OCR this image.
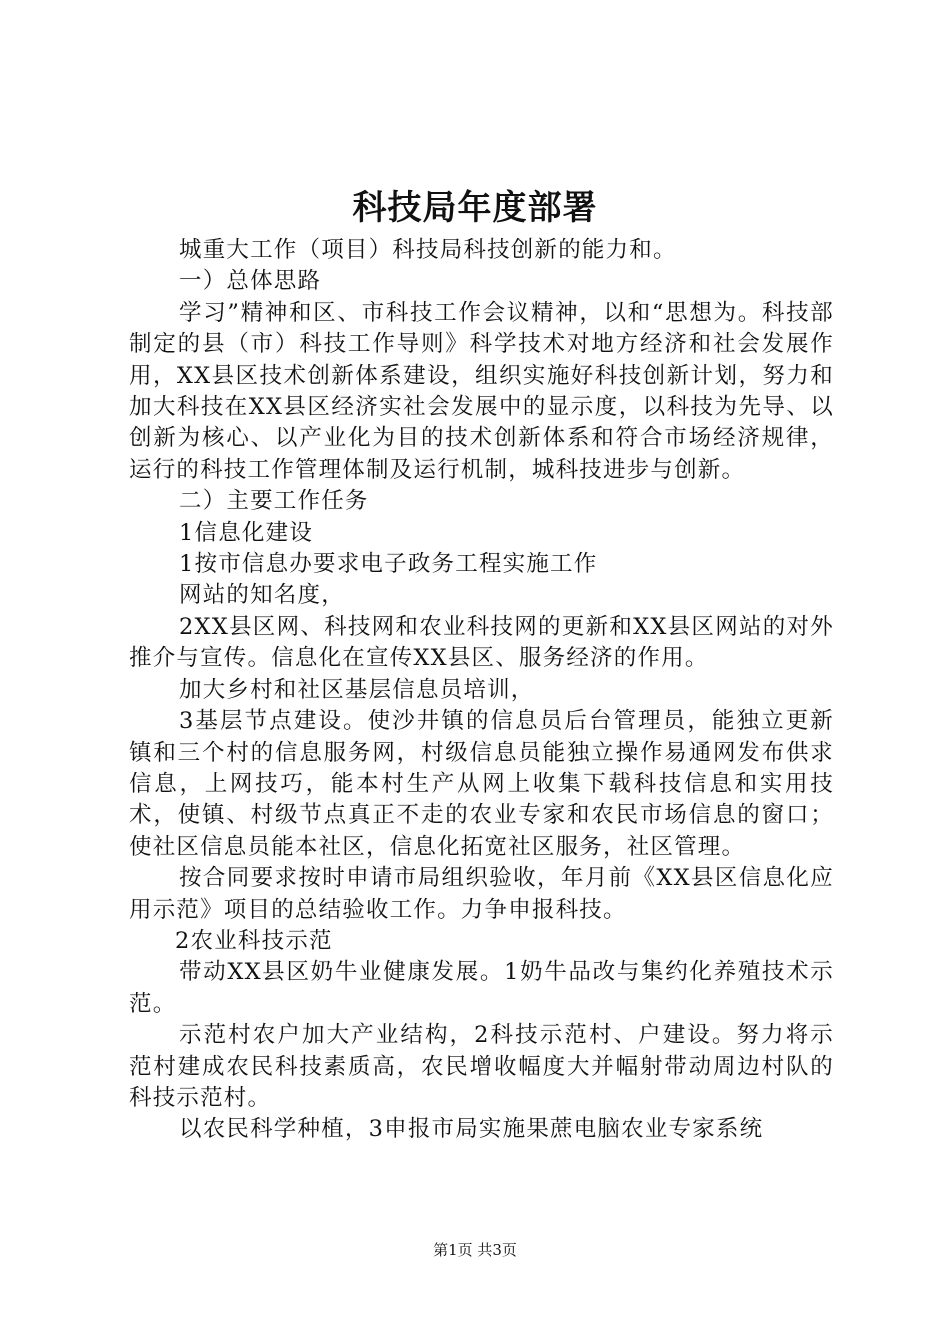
科技局年度部署

城重大工作（项目）科技局科技创新的能力和。

一）总体思路

学习”精神和区、市科技工作会议精神，以和“思想为。科技部制定的县（市）科技工作导则》科学技术对地方经济和社会发展作用，XX县区技术创新体系建设，组织实施好科技创新计划，努力和加大科技在XX县区经济实社会发展中的显示度，以科技为先导、以创新为核心、以产业化为目的技术创新体系和符合市场经济规律，运行的科技工作管理体制及运行机制，城科技进步与创新。

二）主要工作任务

1信息化建设

1按市信息办要求电子政务工程实施工作

网站的知名度，

2XX县区网、科技网和农业科技网的更新和XX县区网站的对外推介与宣传。信息化在宣传XX县区、服务经济的作用。

加大乡村和社区基层信息员培训，

3基层节点建设。使沙井镇的信息员后台管理员，能独立更新镇和三个村的信息服务网，村级信息员能独立操作易通网发布供求信息，上网技巧，能本村生产从网上收集下载科技信息和实用技术，使镇、村级节点真正不走的农业专家和农民市场信息的窗口；使社区信息员能本社区，信息化拓宽社区服务，社区管理。

按合同要求按时申请市局组织验收，年月前《XX县区信息化应用示范》项目的总结验收工作。力争申报科技。

2农业科技示范

带动XX县区奶牛业健康发展。1奶牛品改与集约化养殖技术示范。

示范村农户加大产业结构，2科技示范村、户建设。努力将示范村建成农民科技素质高，农民增收幅度大并幅射带动周边村队的科技示范村。

以农民科学种植，3申报市局实施果蔗电脑农业专家系统

第1页 共3页
